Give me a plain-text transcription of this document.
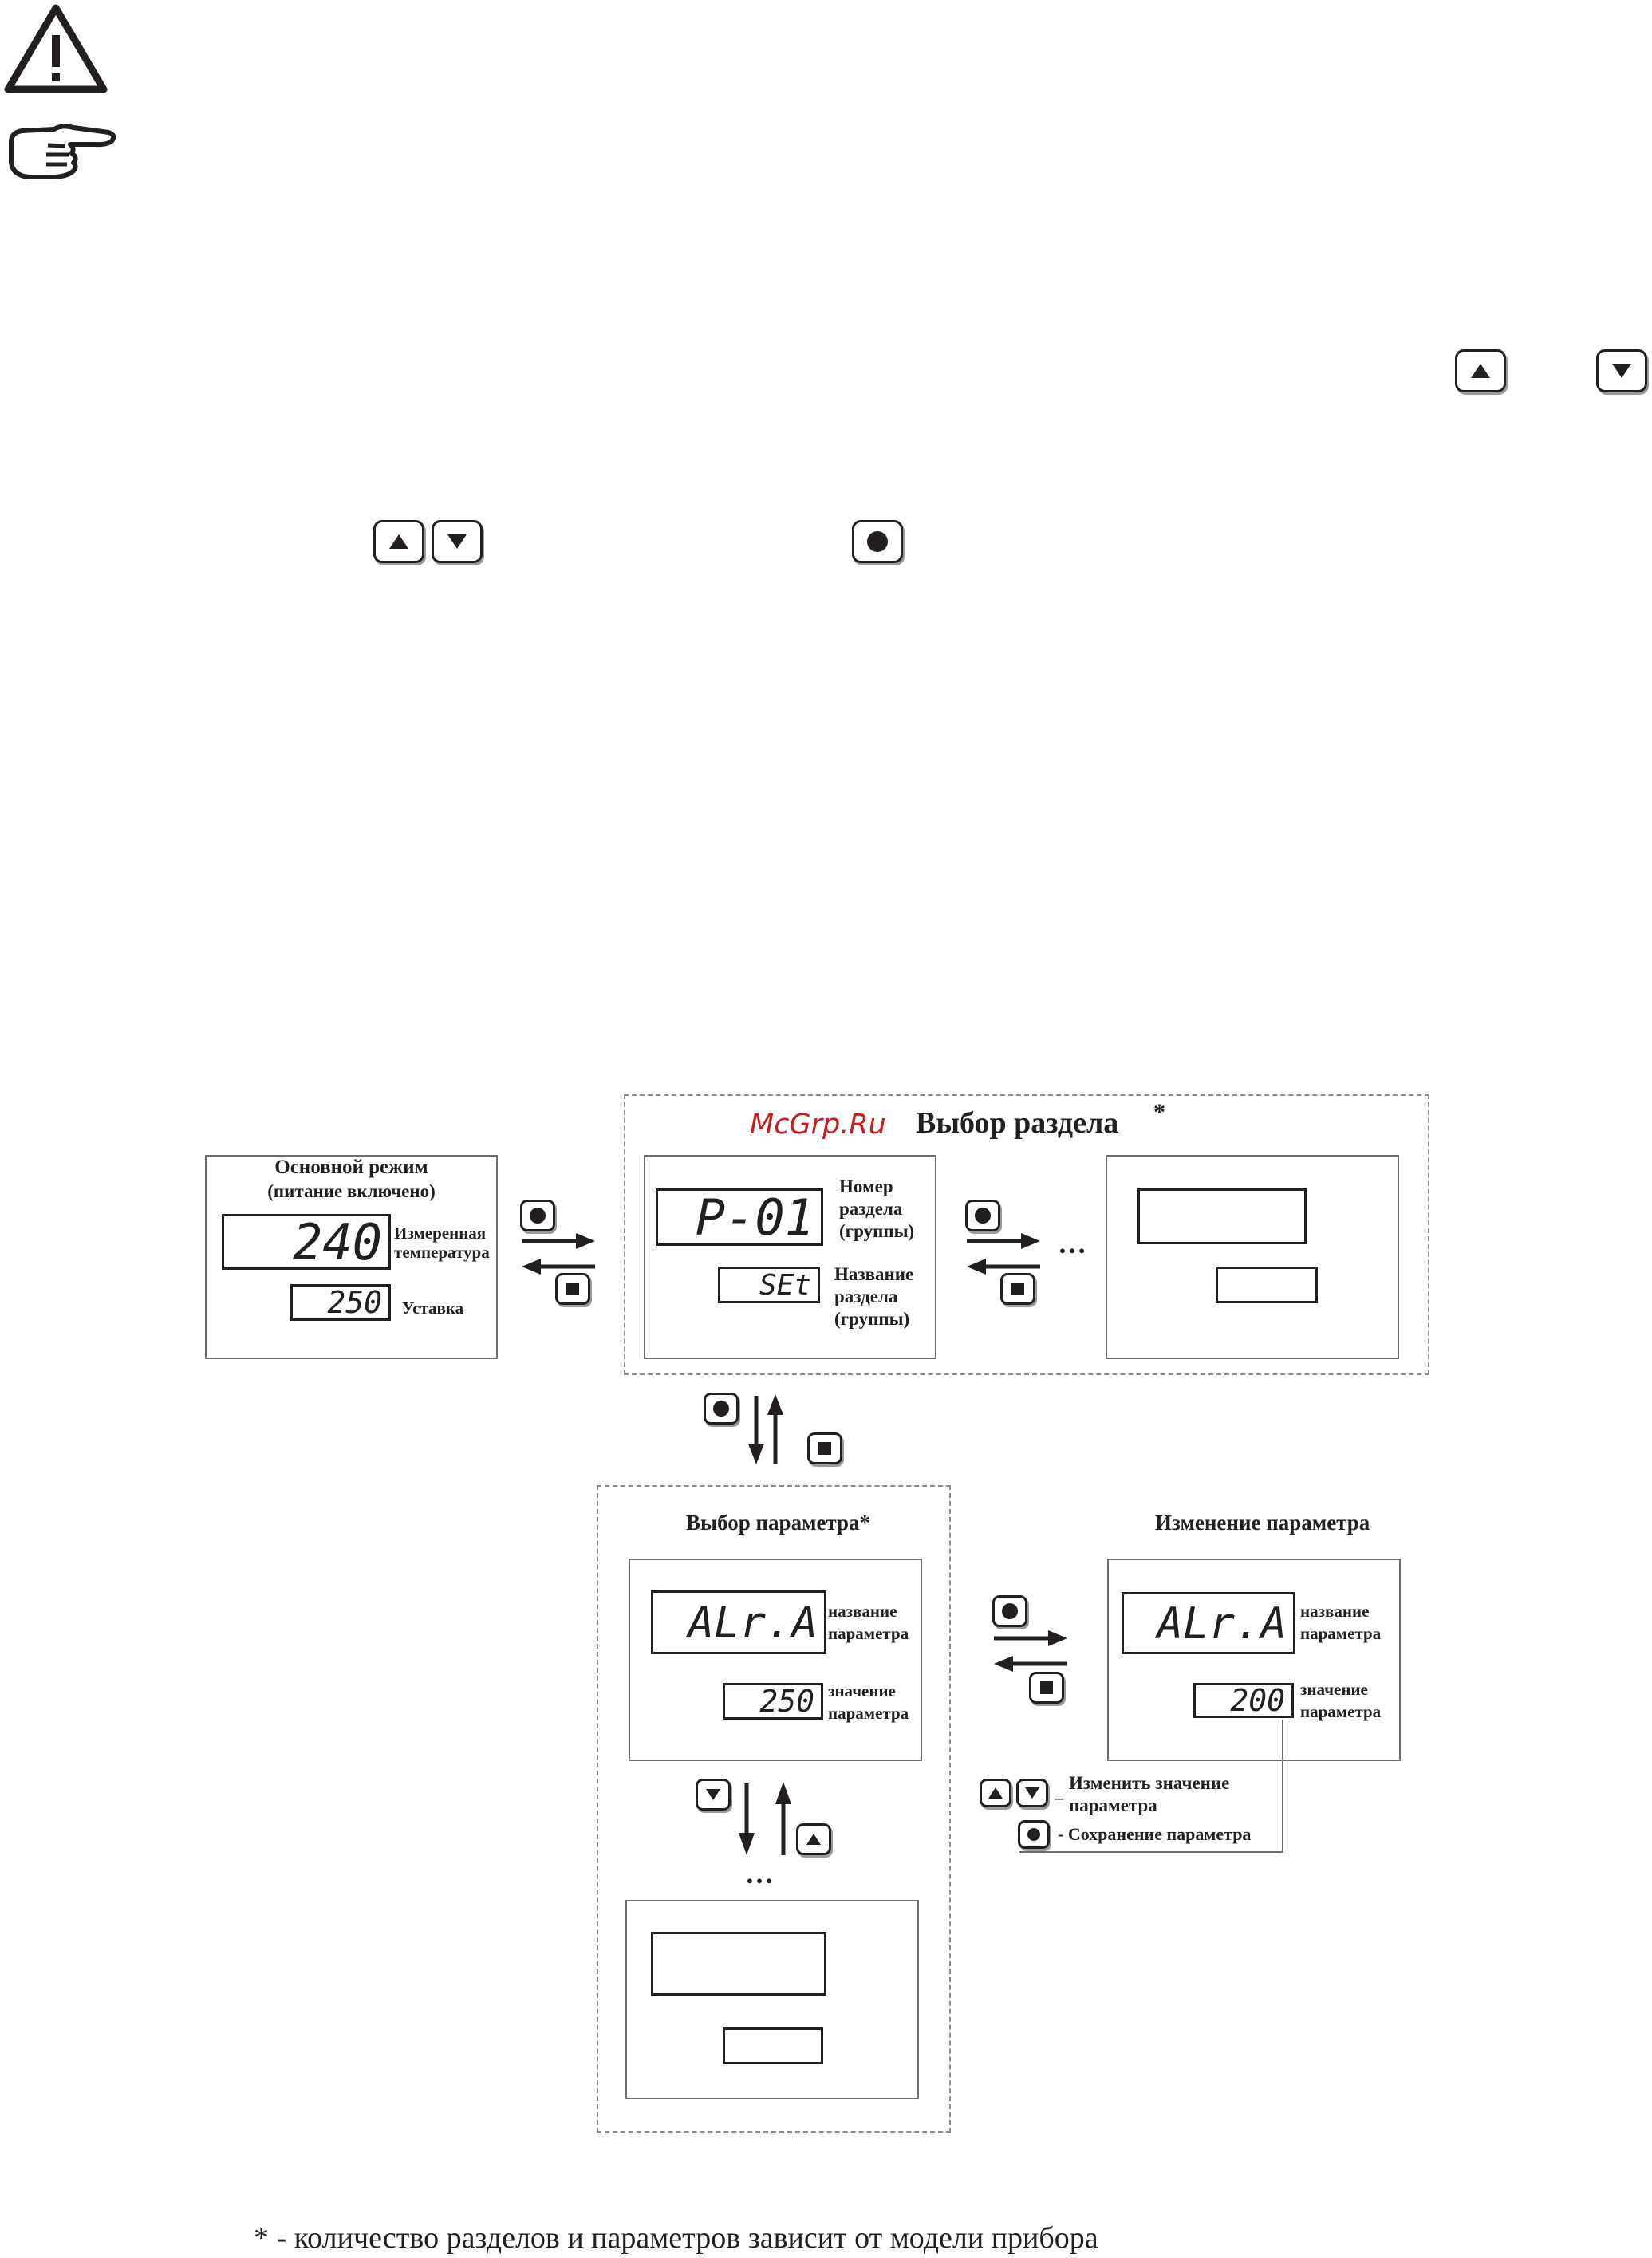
Основной режим
(питание включено)
240 Измеренная
температура
250	Уставка
McGrp.Ru Выбор раздела *
P-01
Номер
раздела
(группы)
SEt	Название
раздела
(группы)
…
Выбор параметра*
ALr.A название
параметра
250 значение
параметра
…
Изменение параметра
ALr.A название
параметра
200 значение
параметра
–
Изменить значение
параметра
- Сохранение параметра
* - количество разделов и параметров зависит от модели прибора
